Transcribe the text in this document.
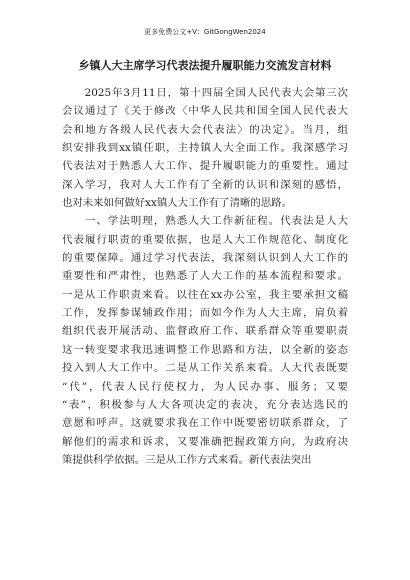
更多免费公文+V：GitGongWen2024
乡镇人大主席学习代表法提升履职能力交流发言材料

　　2025年3月11日，第十四届全国人民代表大会第三次

会议通过了《关于修改〈中华人民共和国全国人民代表大

会和地方各级人民代表大会代表法〉的决定》。当月，组

织安排我到xx镇任职，主持镇人大全面工作。我深感学习

代表法对于熟悉人大工作、提升履职能力的重要性。通过

深入学习，我对人大工作有了全新的认识和深刻的感悟，

也对未来如何做好xx镇人大工作有了清晰的思路。

　　一、学法明理，熟悉人大工作新征程。代表法是人大

代表履行职责的重要依据，也是人大工作规范化、制度化

的重要保障。通过学习代表法，我深刻认识到人大工作的

重要性和严肃性，也熟悉了人大工作的基本流程和要求。

一是从工作职责来看。以往在xx办公室，我主要承担文稿

工作，发挥参谋辅政作用；而如今作为人大主席，肩负着

组织代表开展活动、监督政府工作、联系群众等重要职责

这一转变要求我迅速调整工作思路和方法，以全新的姿态

投入到人大工作中。二是从工作关系来看。人大代表既要

“代”，代表人民行使权力，为人民办事、服务；又要

“表”，积极参与人大各项决定的表决，充分表达选民的

意愿和呼声。这就要求我在工作中既要密切联系群众，了

解他们的需求和诉求，又要准确把握政策方向，为政府决

策提供科学依据。三是从工作方式来看。新代表法突出
